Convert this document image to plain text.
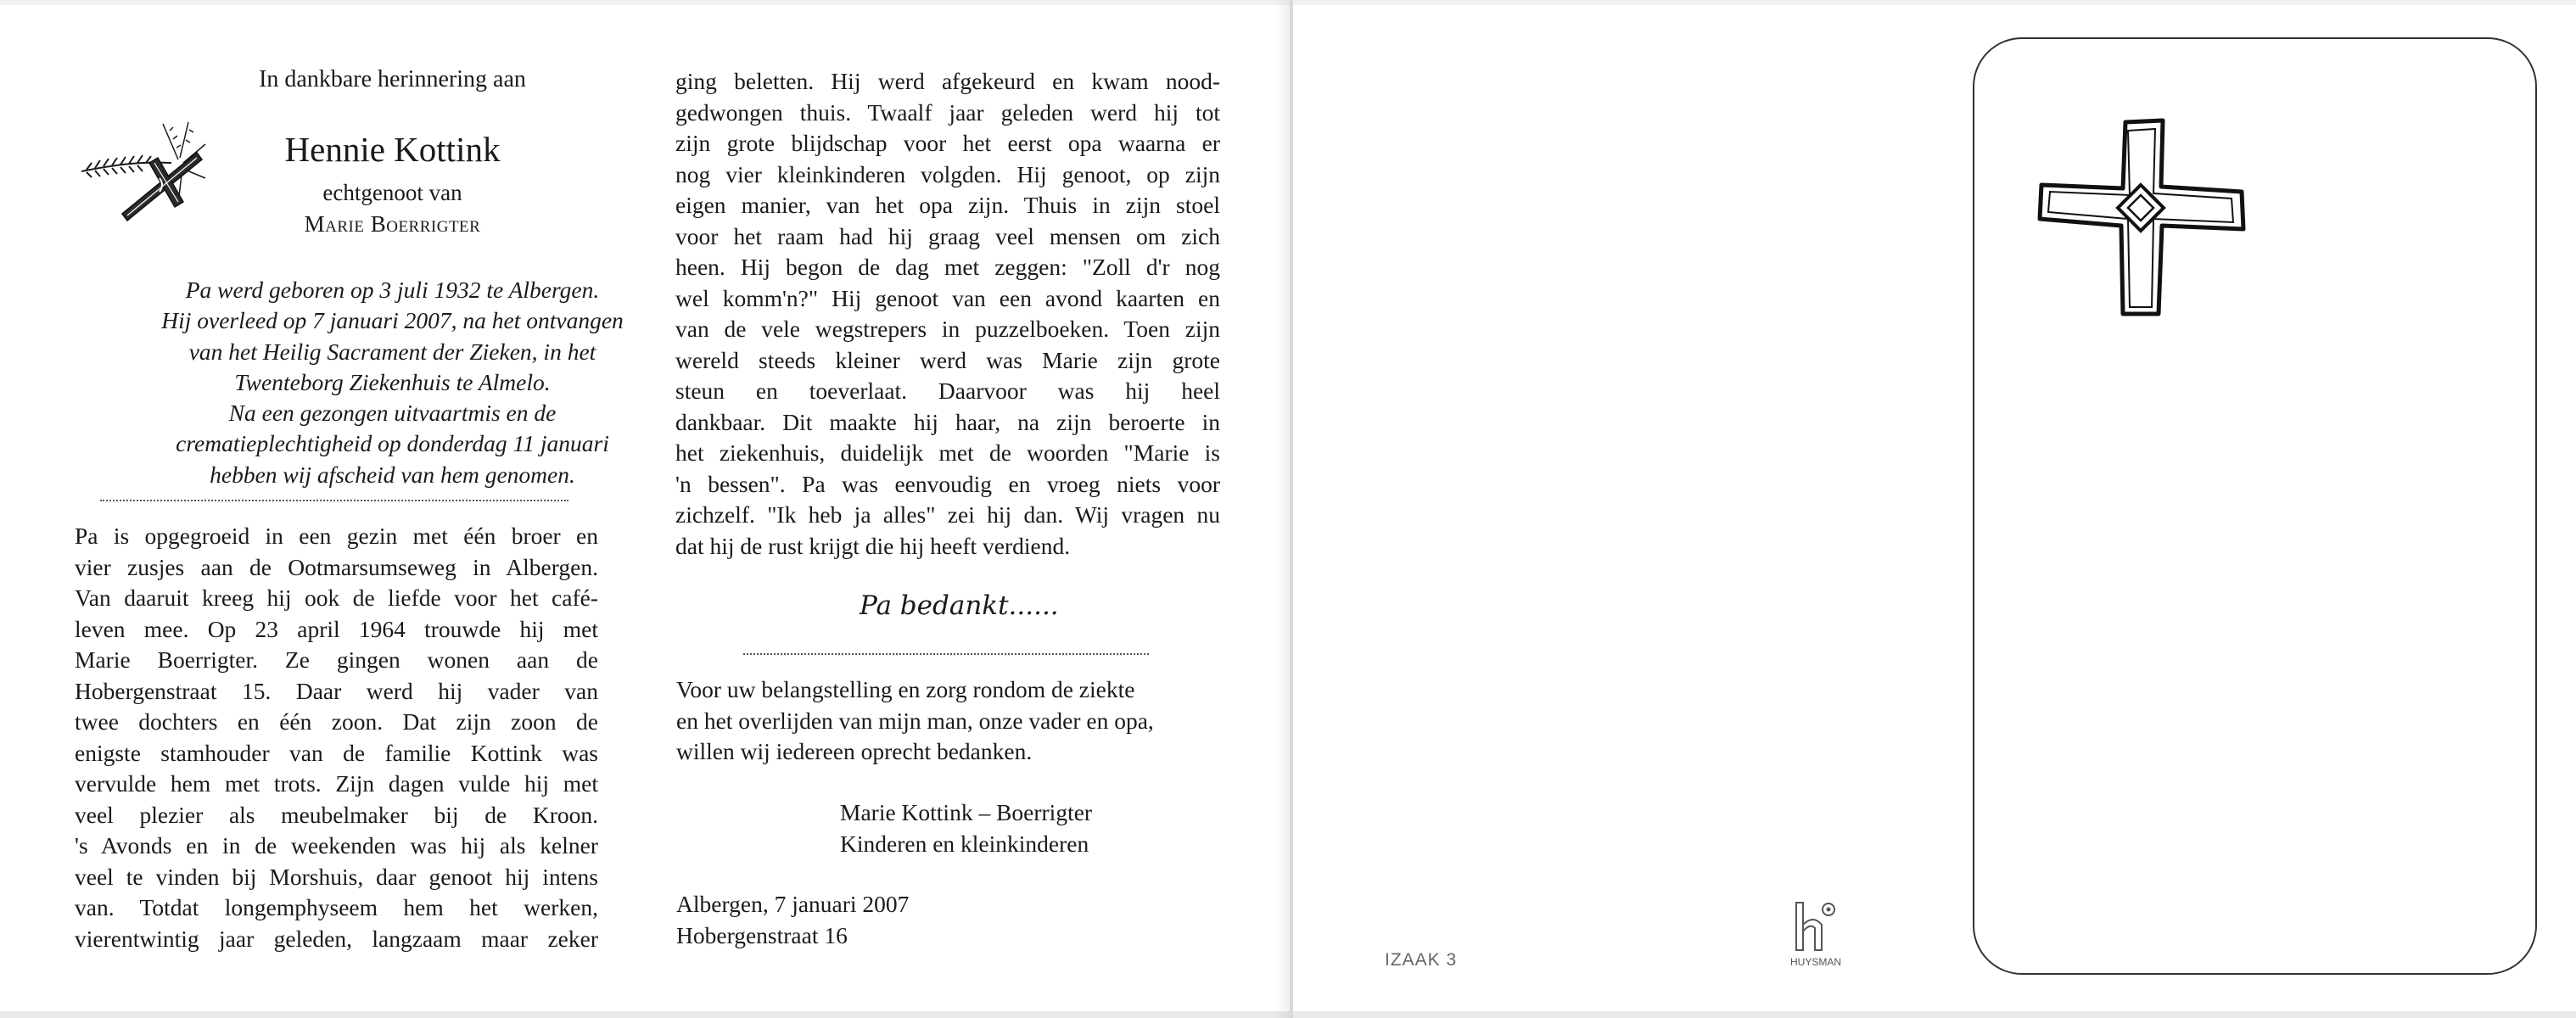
In dankbare herinnering aan
Hennie Kottink
echtgenoot van
Marie Boerrigter
Pa werd geboren op 3 juli 1932 te Albergen.
Hij overleed op 7 januari 2007, na het ontvangen
van het Heilig Sacrament der Zieken, in het
Twenteborg Ziekenhuis te Almelo.
Na een gezongen uitvaartmis en de
crematieplechtigheid op donderdag 11 januari
hebben wij afscheid van hem genomen.
Pa is opgegroeid in een gezin met één broer en
vier zusjes aan de Ootmarsumseweg in Albergen.
Van daaruit kreeg hij ook de liefde voor het café-
leven mee. Op 23 april 1964 trouwde hij met
Marie Boerrigter. Ze gingen wonen aan de
Hobergenstraat 15. Daar werd hij vader van
twee dochters en één zoon. Dat zijn zoon de
enigste stamhouder van de familie Kottink was
vervulde hem met trots. Zijn dagen vulde hij met
veel plezier als meubelmaker bij de Kroon.
's Avonds en in de weekenden was hij als kelner
veel te vinden bij Morshuis, daar genoot hij intens
van. Totdat longemphyseem hem het werken,
vierentwintig jaar geleden, langzaam maar zeker
ging beletten. Hij werd afgekeurd en kwam nood-
gedwongen thuis. Twaalf jaar geleden werd hij tot
zijn grote blijdschap voor het eerst opa waarna er
nog vier kleinkinderen volgden. Hij genoot, op zijn
eigen manier, van het opa zijn. Thuis in zijn stoel
voor het raam had hij graag veel mensen om zich
heen. Hij begon de dag met zeggen: "Zoll d'r nog
wel komm'n?" Hij genoot van een avond kaarten en
van de vele wegstrepers in puzzelboeken. Toen zijn
wereld steeds kleiner werd was Marie zijn grote
steun en toeverlaat. Daarvoor was hij heel
dankbaar. Dit maakte hij haar, na zijn beroerte in
het ziekenhuis, duidelijk met de woorden "Marie is
'n bessen". Pa was eenvoudig en vroeg niets voor
zichzelf. "Ik heb ja alles" zei hij dan. Wij vragen nu
dat hij de rust krijgt die hij heeft verdiend.
Pa bedankt......
Voor uw belangstelling en zorg rondom de ziekte
en het overlijden van mijn man, onze vader en opa,
willen wij iedereen oprecht bedanken.
Marie Kottink – Boerrigter
Kinderen en kleinkinderen
Albergen, 7 januari 2007
Hobergenstraat 16
IZAAK 3	HUYSMAN
